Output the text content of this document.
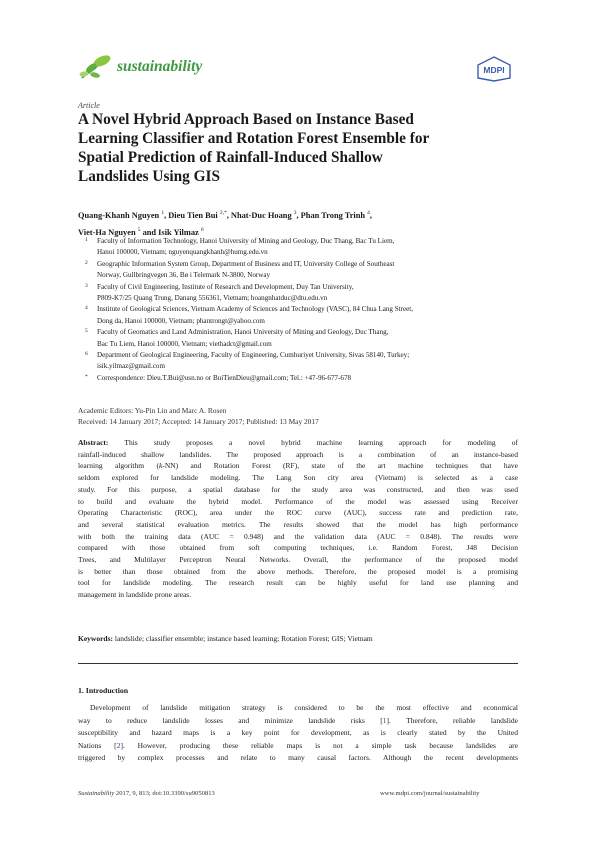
sustainability	MDPI
Article
A Novel Hybrid Approach Based on Instance Based
Learning Classifier and Rotation Forest Ensemble for
Spatial Prediction of Rainfall-Induced Shallow
Landslides Using GIS
Quang-Khanh Nguyen $^1$, Dieu Tien Bui $^{2,*}$, Nhat-Duc Hoang $^3$, Phan Trong Trinh $^4$,
Viet-Ha Nguyen $^5$ and Isik Yilmaz $^6$
1 Faculty of Information Technology, Hanoi University of Mining and Geology, Duc Thang, Bac Tu Liem,
Hanoi 100000, Vietnam; nguyenquangkhanh@humg.edu.vn
2 Geographic Information System Group, Department of Business and IT, University College of Southeast
Norway, Gullbringvegen 36, Bø i Telemark N-3800, Norway
3 Faculty of Civil Engineering, Institute of Research and Development, Duy Tan University,
P809-K7/25 Quang Trung, Danang 556361, Vietnam; hoangnhatduc@dtu.edu.vn
4 Institute of Geological Sciences, Vietnam Academy of Sciences and Technology (VASC), 84 Chua Lang Street,
Dong da, Hanoi 100000, Vietnam; phantrongt@yahoo.com
5 Faculty of Geomatics and Land Administration, Hanoi University of Mining and Geology, Duc Thang,
Bac Tu Liem, Hanoi 100000, Vietnam; viethadct@gmail.com
6 Department of Geological Engineering, Faculty of Engineering, Cumhuriyet University, Sivas 58140, Turkey;
isik.yilmaz@gmail.com
* Correspondence: Dieu.T.Bui@usn.no or BuiTienDieu@gmail.com; Tel.: +47-96-677-678
Academic Editors: Yu-Pin Lin and Marc A. Rosen
Received: 14 January 2017; Accepted: 14 January 2017; Published: 13 May 2017
Abstract: This study proposes a novel hybrid machine learning approach for modeling of
rainfall-induced shallow landslides. The proposed approach is a combination of an instance-based
learning algorithm (k-NN) and Rotation Forest (RF), state of the art machine techniques that have
seldom explored for landslide modeling. The Lang Son city area (Vietnam) is selected as a case
study. For this purpose, a spatial database for the study area was constructed, and then was used
to build and evaluate the hybrid model. Performance of the model was assessed using Receiver
Operating Characteristic (ROC), area under the ROC curve (AUC), success rate and prediction rate,
and several statistical evaluation metrics. The results showed that the model has high performance
with both the training data (AUC = 0.948) and the validation data (AUC = 0.848). The results were
compared with those obtained from soft computing techniques, i.e. Random Forest, J48 Decision
Trees, and Multilayer Perceptron Neural Networks. Overall, the performance of the proposed model
is better than those obtained from the above methods. Therefore, the proposed model is a promising
tool for landslide modeling. The research result can be highly useful for land use planning and
management in landslide prone areas.
Keywords: landslide; classifier ensemble; instance based learning; Rotation Forest; GIS; Vietnam
1. Introduction
Development of landslide mitigation strategy is considered to be the most effective and economical
way to reduce landslide losses and minimize landslide risks [1]. Therefore, reliable landslide
susceptibility and hazard maps is a key point for development, as is clearly stated by the United
Nations [2]. However, producing these reliable maps is not a simple task because landslides are
triggered by complex processes and relate to many causal factors. Although the recent developments
Sustainability 2017, 9, 813; doi:10.3390/su9050813	www.mdpi.com/journal/sustainability
